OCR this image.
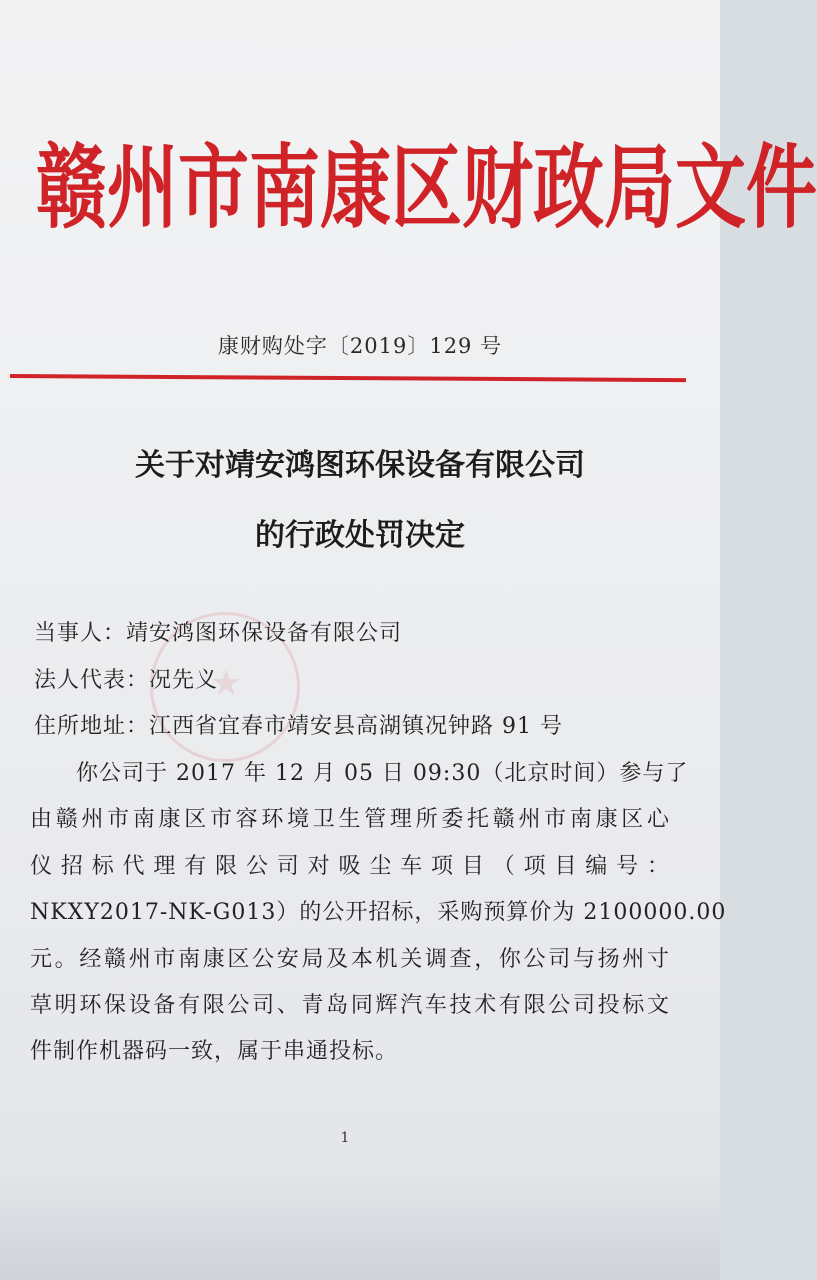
赣州市南康区财政局文件
康财购处字〔2019〕129 号
关于对靖安鸿图环保设备有限公司
的行政处罚决定
★
当事人：靖安鸿图环保设备有限公司
法人代表：况先义
住所地址：江西省宜春市靖安县高湖镇况钟路 91 号
你公司于 2017 年 12 月 05 日 09:30（北京时间）参与了
由赣州市南康区市容环境卫生管理所委托赣州市南康区心
仪招标代理有限公司对吸尘车项目（项目编号：
NKXY2017-NK-G013）的公开招标，采购预算价为 2100000.00
元。经赣州市南康区公安局及本机关调查，你公司与扬州寸
草明环保设备有限公司、青岛同辉汽车技术有限公司投标文
件制作机器码一致，属于串通投标。
1
